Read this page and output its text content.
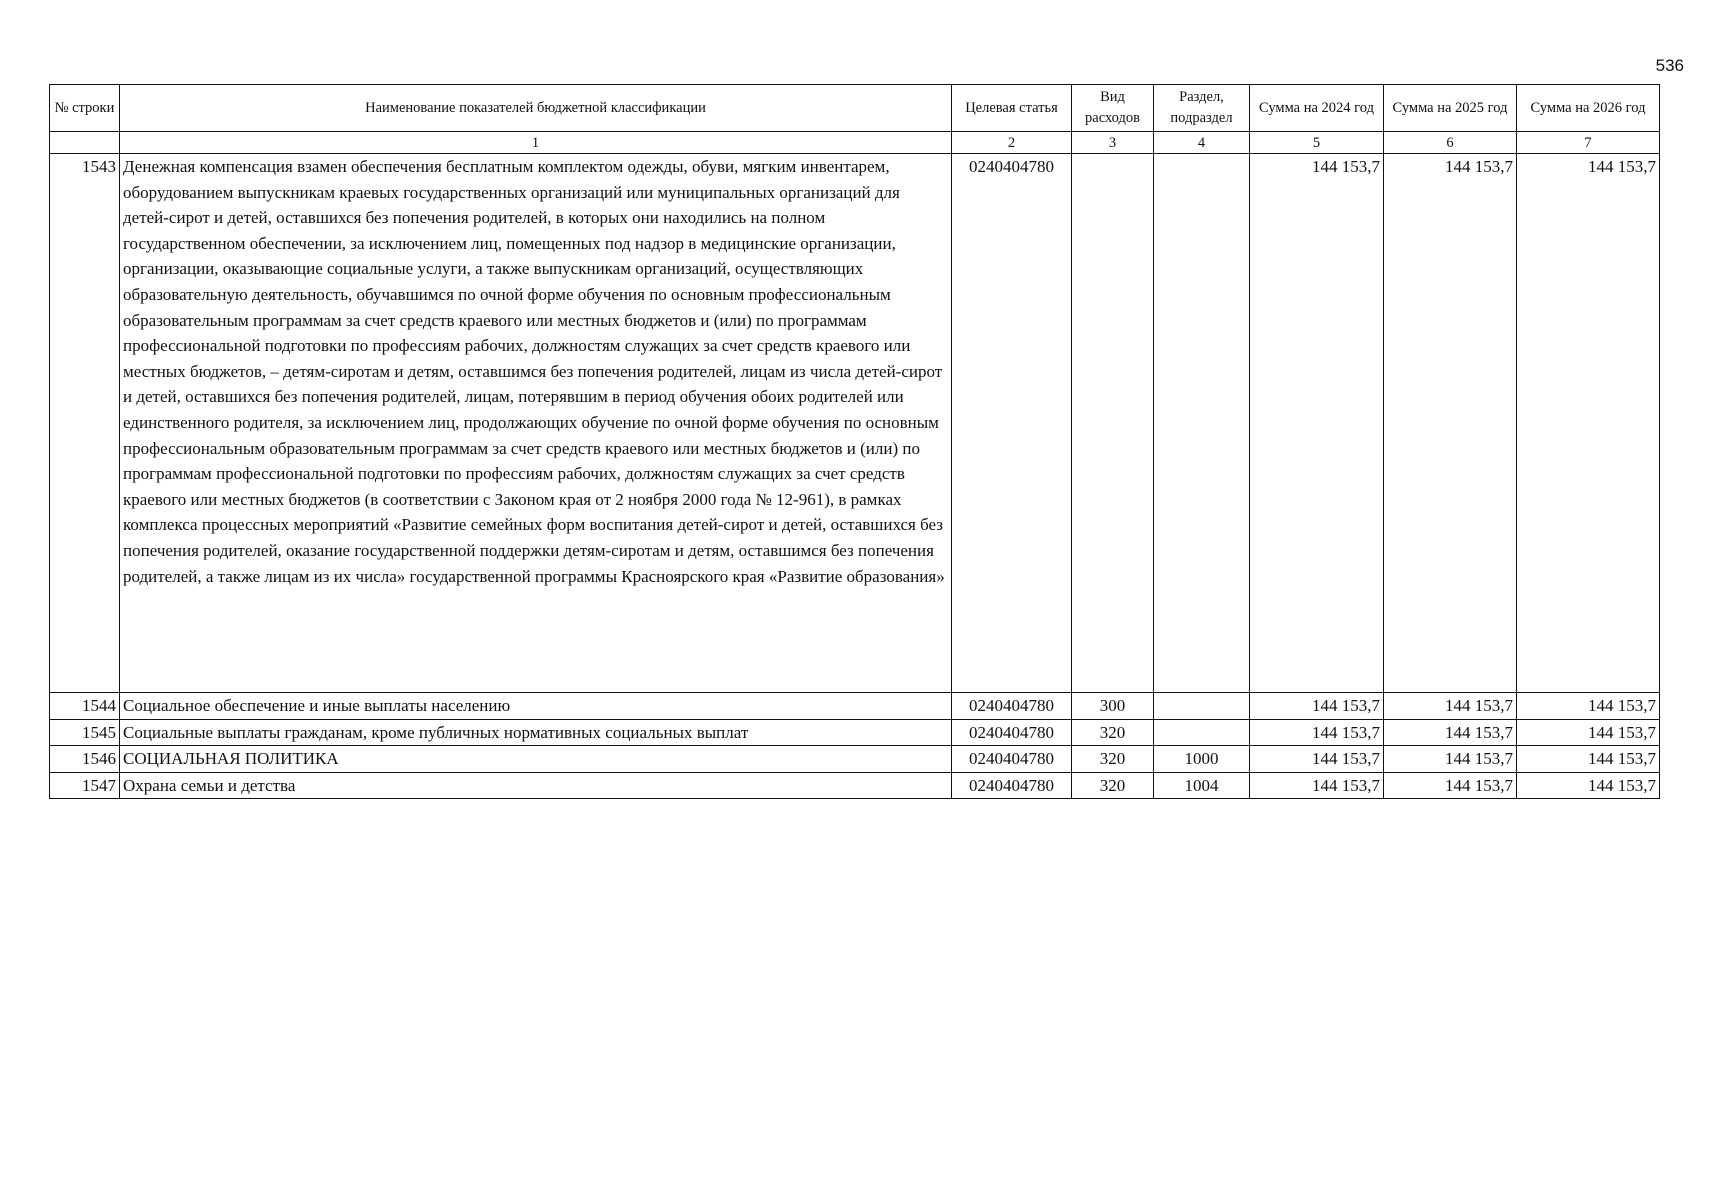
536
№ строки	Наименование показателей бюджетной классификации	Целевая статья	Вид расходов	Раздел, подраздел	Сумма на 2024 год	Сумма на 2025 год	Сумма на 2026 год
	1	2	3	4	5	6	7
1543	Денежная компенсация взамен обеспечения бесплатным комплектом одежды, обуви, мягким инвентарем, оборудованием выпускникам краевых государственных организаций или муниципальных организаций для детей-сирот и детей, оставшихся без попечения родителей, в которых они находились на полном государственном обеспечении, за исключением лиц, помещенных под надзор в медицинские организации, организации, оказывающие социальные услуги, а также выпускникам организаций, осуществляющих образовательную деятельность, обучавшимся по очной форме обучения по основным профессиональным образовательным программам за счет средств краевого или местных бюджетов и (или) по программам профессиональной подготовки по профессиям рабочих, должностям служащих за счет средств краевого или местных бюджетов, – детям-сиротам и детям, оставшимся без попечения родителей, лицам из числа детей-сирот и детей, оставшихся без попечения родителей, лицам, потерявшим в период обучения обоих родителей или единственного родителя, за исключением лиц, продолжающих обучение по очной форме обучения по основным профессиональным образовательным программам за счет средств краевого или местных бюджетов и (или) по программам профессиональной подготовки по профессиям рабочих, должностям служащих за счет средств краевого или местных бюджетов (в соответствии с Законом края от 2 ноября 2000 года № 12-961), в рамках комплекса процессных мероприятий «Развитие семейных форм воспитания детей-сирот и детей, оставшихся без попечения родителей, оказание государственной поддержки детям-сиротам и детям, оставшимся без попечения родителей, а также лицам из их числа» государственной программы Красноярского края «Развитие образования»	0240404780			144 153,7	144 153,7	144 153,7
1544	Социальное обеспечение и иные выплаты населению	0240404780	300		144 153,7	144 153,7	144 153,7
1545	Социальные выплаты гражданам, кроме публичных нормативных социальных выплат	0240404780	320		144 153,7	144 153,7	144 153,7
1546	СОЦИАЛЬНАЯ ПОЛИТИКА	0240404780	320	1000	144 153,7	144 153,7	144 153,7
1547	Охрана семьи и детства	0240404780	320	1004	144 153,7	144 153,7	144 153,7
